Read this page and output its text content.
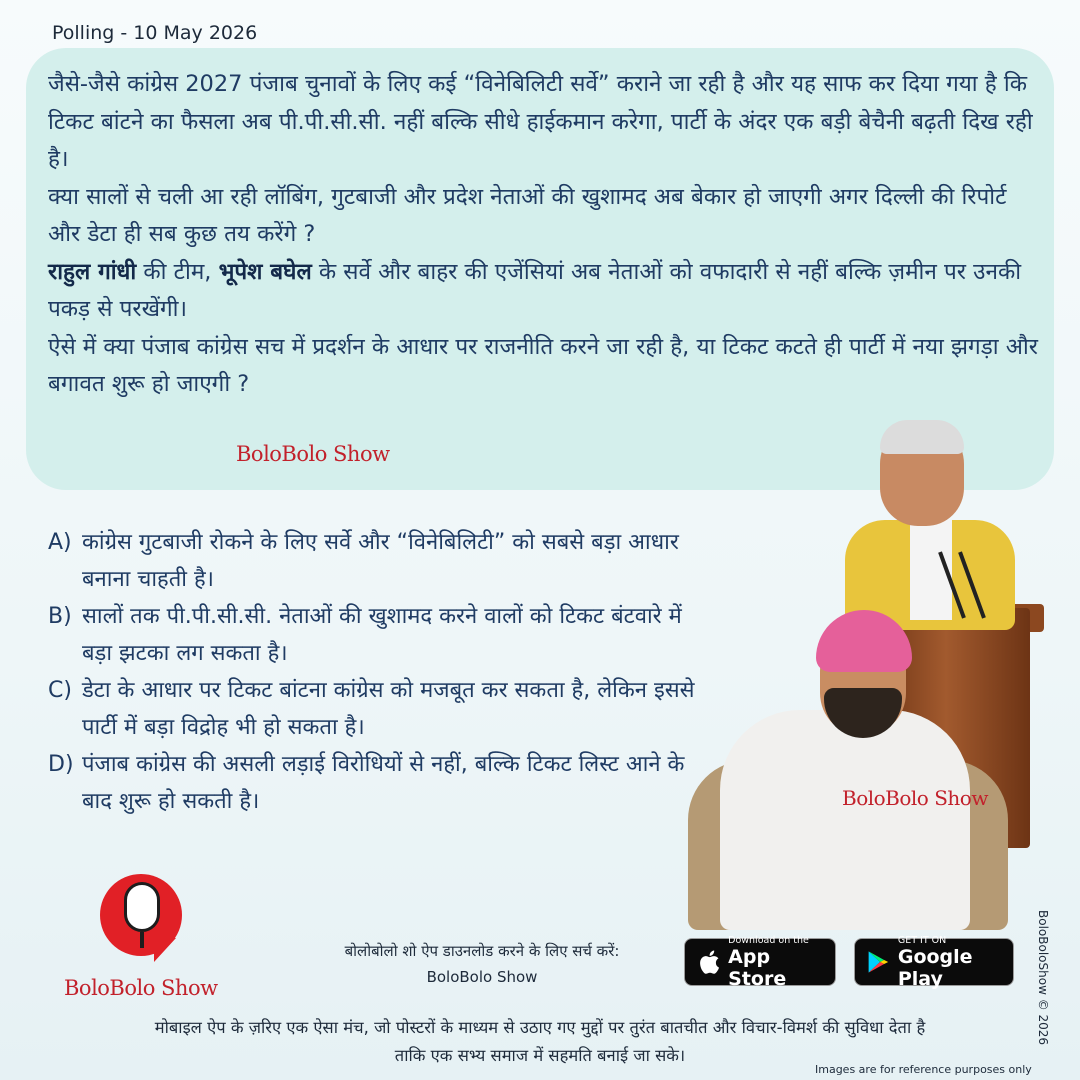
Polling - 10 May 2026

जैसे-जैसे कांग्रेस 2027 पंजाब चुनावों के लिए कई “विनेबिलिटी सर्वे” कराने जा रही है और यह साफ कर दिया गया है कि टिकट बांटने का फैसला अब पी.पी.सी.सी. नहीं बल्कि सीधे हाईकमान करेगा, पार्टी के अंदर एक बड़ी बेचैनी बढ़ती दिख रही है।

क्या सालों से चली आ रही लॉबिंग, गुटबाजी और प्रदेश नेताओं की खुशामद अब बेकार हो जाएगी अगर दिल्ली की रिपोर्ट और डेटा ही सब कुछ तय करेंगे ?

राहुल गांधी की टीम, भूपेश बघेल के सर्वे और बाहर की एजेंसियां अब नेताओं को वफादारी से नहीं बल्कि ज़मीन पर उनकी पकड़ से परखेंगी।

ऐसे में क्या पंजाब कांग्रेस सच में प्रदर्शन के आधार पर राजनीति करने जा रही है, या टिकट कटते ही पार्टी में नया झगड़ा और बगावत शुरू हो जाएगी ?

BoloBolo Show
A) कांग्रेस गुटबाजी रोकने के लिए सर्वे और “विनेबिलिटी” को सबसे बड़ा आधार बनाना चाहती है।
B) सालों तक पी.पी.सी.सी. नेताओं की खुशामद करने वालों को टिकट बंटवारे में बड़ा झटका लग सकता है।
C) डेटा के आधार पर टिकट बांटना कांग्रेस को मजबूत कर सकता है, लेकिन इससे पार्टी में बड़ा विद्रोह भी हो सकता है।
D) पंजाब कांग्रेस की असली लड़ाई विरोधियों से नहीं, बल्कि टिकट लिस्ट आने के बाद शुरू हो सकती है।	BoloBolo Show
BoloBolo Show
बोलोबोलो शो ऐप डाउनलोड करने के लिए सर्च करें:
BoloBolo Show
Download on the
App Store
GET IT ON
Google Play
मोबाइल ऐप के ज़रिए एक ऐसा मंच, जो पोस्टरों के माध्यम से उठाए गए मुद्दों पर तुरंत बातचीत और विचार-विमर्श की सुविधा देता है
ताकि एक सभ्य समाज में सहमति बनाई जा सके।
BoloBoloShow © 2026
Images are for reference purposes only
